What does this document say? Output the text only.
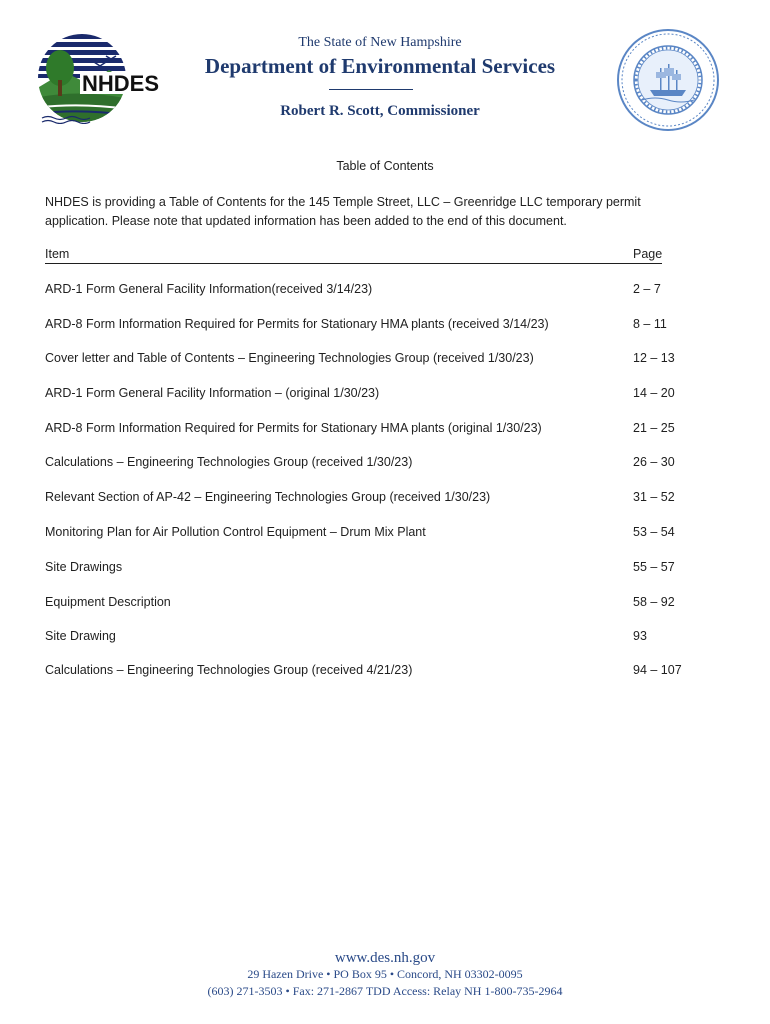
NHDES
The State of New Hampshire
Department of Environmental Services
Robert R. Scott, Commissioner
Table of Contents
NHDES is providing a Table of Contents for the 145 Temple Street, LLC – Greenridge LLC temporary permit
application. Please note that updated information has been added to the end of this document.
Item	Page
ARD-1 Form General Facility Information(received 3/14/23)	2 – 7
ARD-8 Form Information Required for Permits for Stationary HMA plants (received 3/14/23)	8 – 11
Cover letter and Table of Contents – Engineering Technologies Group (received 1/30/23)	12 – 13
ARD-1 Form General Facility Information – (original 1/30/23)	14 – 20
ARD-8 Form Information Required for Permits for Stationary HMA plants (original 1/30/23)	21 – 25
Calculations – Engineering Technologies Group (received 1/30/23)	26 – 30
Relevant Section of AP-42 – Engineering Technologies Group (received 1/30/23)	31 – 52
Monitoring Plan for Air Pollution Control Equipment – Drum Mix Plant	53 – 54
Site Drawings	55 – 57
Equipment Description	58 – 92
Site Drawing	93
Calculations – Engineering Technologies Group (received 4/21/23)	94 – 107
www.des.nh.gov
29 Hazen Drive • PO Box 95 • Concord, NH 03302-0095
(603) 271-3503 • Fax: 271-2867 TDD Access: Relay NH 1-800-735-2964
